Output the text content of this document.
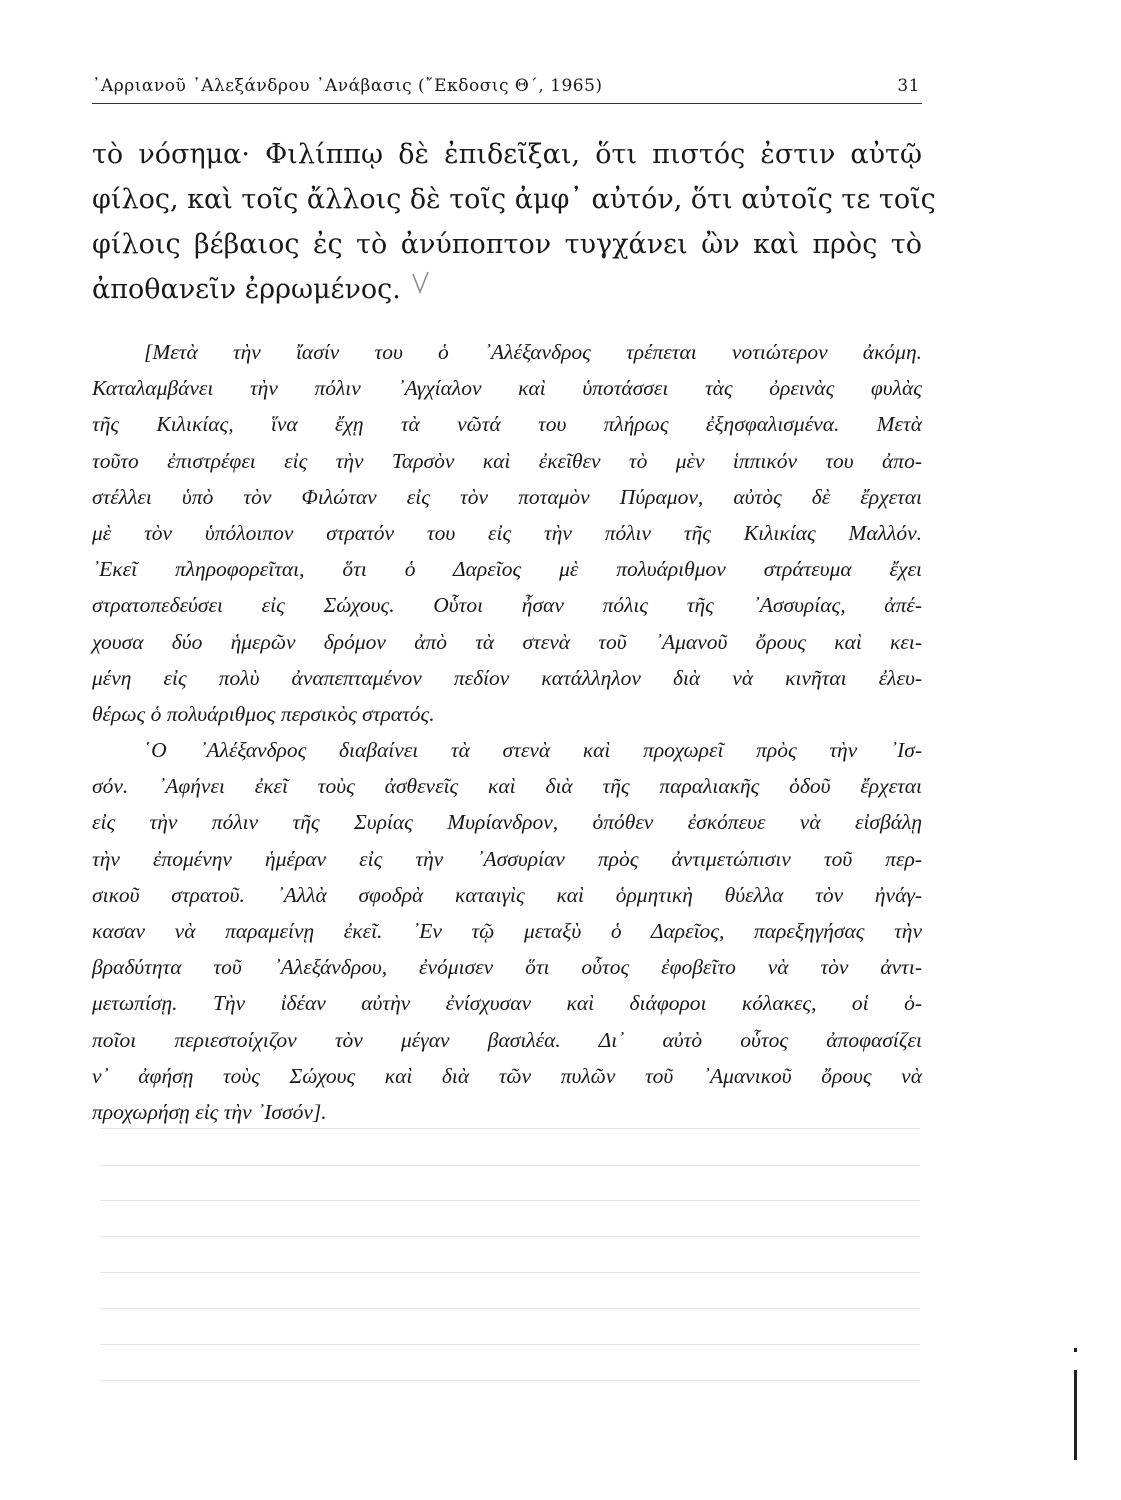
᾽Αρριανοῦ ᾽Αλεξάνδρου ᾽Ανάβασις (῎Εκδοσις Θ΄, 1965)	31
τὸ νόσημα· Φιλίππῳ δὲ ἐπιδεῖξαι, ὅτι πιστός ἐστιν αὐτῷ
φίλος, καὶ τοῖς ἄλλοις δὲ τοῖς ἀμφ᾽ αὐτόν, ὅτι αὐτοῖς τε τοῖς
φίλοις βέβαιος ἐς τὸ ἀνύποπτον τυγχάνει ὢν καὶ πρὸς τὸ
ἀποθανεῖν ἐρρωμένος.
[Μετὰ τὴν ἴασίν του ὁ ᾽Αλέξανδρος τρέπεται νοτιώτερον ἀκόμη.
Καταλαμβάνει τὴν πόλιν ᾽Αγχίαλον καὶ ὑποτάσσει τὰς ὀρεινὰς φυλὰς
τῆς Κιλικίας, ἵνα ἔχῃ τὰ νῶτά του πλήρως ἐξησφαλισμένα. Μετὰ
τοῦτο ἐπιστρέφει εἰς τὴν Ταρσὸν καὶ ἐκεῖθεν τὸ μὲν ἱππικόν του ἀπο-
στέλλει ὑπὸ τὸν Φιλώταν εἰς τὸν ποταμὸν Πύραμον, αὐτὸς δὲ ἔρχεται
μὲ τὸν ὑπόλοιπον στρατόν του εἰς τὴν πόλιν τῆς Κιλικίας Μαλλόν.
᾽Εκεῖ πληροφορεῖται, ὅτι ὁ Δαρεῖος μὲ πολυάριθμον στράτευμα ἔχει
στρατοπεδεύσει εἰς Σώχους. Οὗτοι ἦσαν πόλις τῆς ᾽Ασσυρίας, ἀπέ-
χουσα δύο ἡμερῶν δρόμον ἀπὸ τὰ στενὰ τοῦ ᾽Αμανοῦ ὄρους καὶ κει-
μένη εἰς πολὺ ἀναπεπταμένον πεδίον κατάλληλον διὰ νὰ κινῆται ἐλευ-
θέρως ὁ πολυάριθμος περσικὸς στρατός.
῾Ο ᾽Αλέξανδρος διαβαίνει τὰ στενὰ καὶ προχωρεῖ πρὸς τὴν ᾽Ισ-
σόν. ᾽Αφήνει ἐκεῖ τοὺς ἀσθενεῖς καὶ διὰ τῆς παραλιακῆς ὁδοῦ ἔρχεται
εἰς τὴν πόλιν τῆς Συρίας Μυρίανδρον, ὁπόθεν ἐσκόπευε νὰ εἰσβάλῃ
τὴν ἐπομένην ἡμέραν εἰς τὴν ᾽Ασσυρίαν πρὸς ἀντιμετώπισιν τοῦ περ-
σικοῦ στρατοῦ. ᾽Αλλὰ σφοδρὰ καταιγὶς καὶ ὁρμητικὴ θύελλα τὸν ἠνάγ-
κασαν νὰ παραμείνῃ ἐκεῖ. ᾽Εν τῷ μεταξὺ ὁ Δαρεῖος, παρεξηγήσας τὴν
βραδύτητα τοῦ ᾽Αλεξάνδρου, ἐνόμισεν ὅτι οὗτος ἐφοβεῖτο νὰ τὸν ἀντι-
μετωπίσῃ. Τὴν ἰδέαν αὐτὴν ἐνίσχυσαν καὶ διάφοροι κόλακες, οἱ ὁ-
ποῖοι περιεστοίχιζον τὸν μέγαν βασιλέα. Δι᾽ αὐτὸ οὗτος ἀποφασίζει
ν᾽ ἀφήσῃ τοὺς Σώχους καὶ διὰ τῶν πυλῶν τοῦ ᾽Αμανικοῦ ὄρους νὰ
προχωρήσῃ εἰς τὴν ᾽Ισσόν].
